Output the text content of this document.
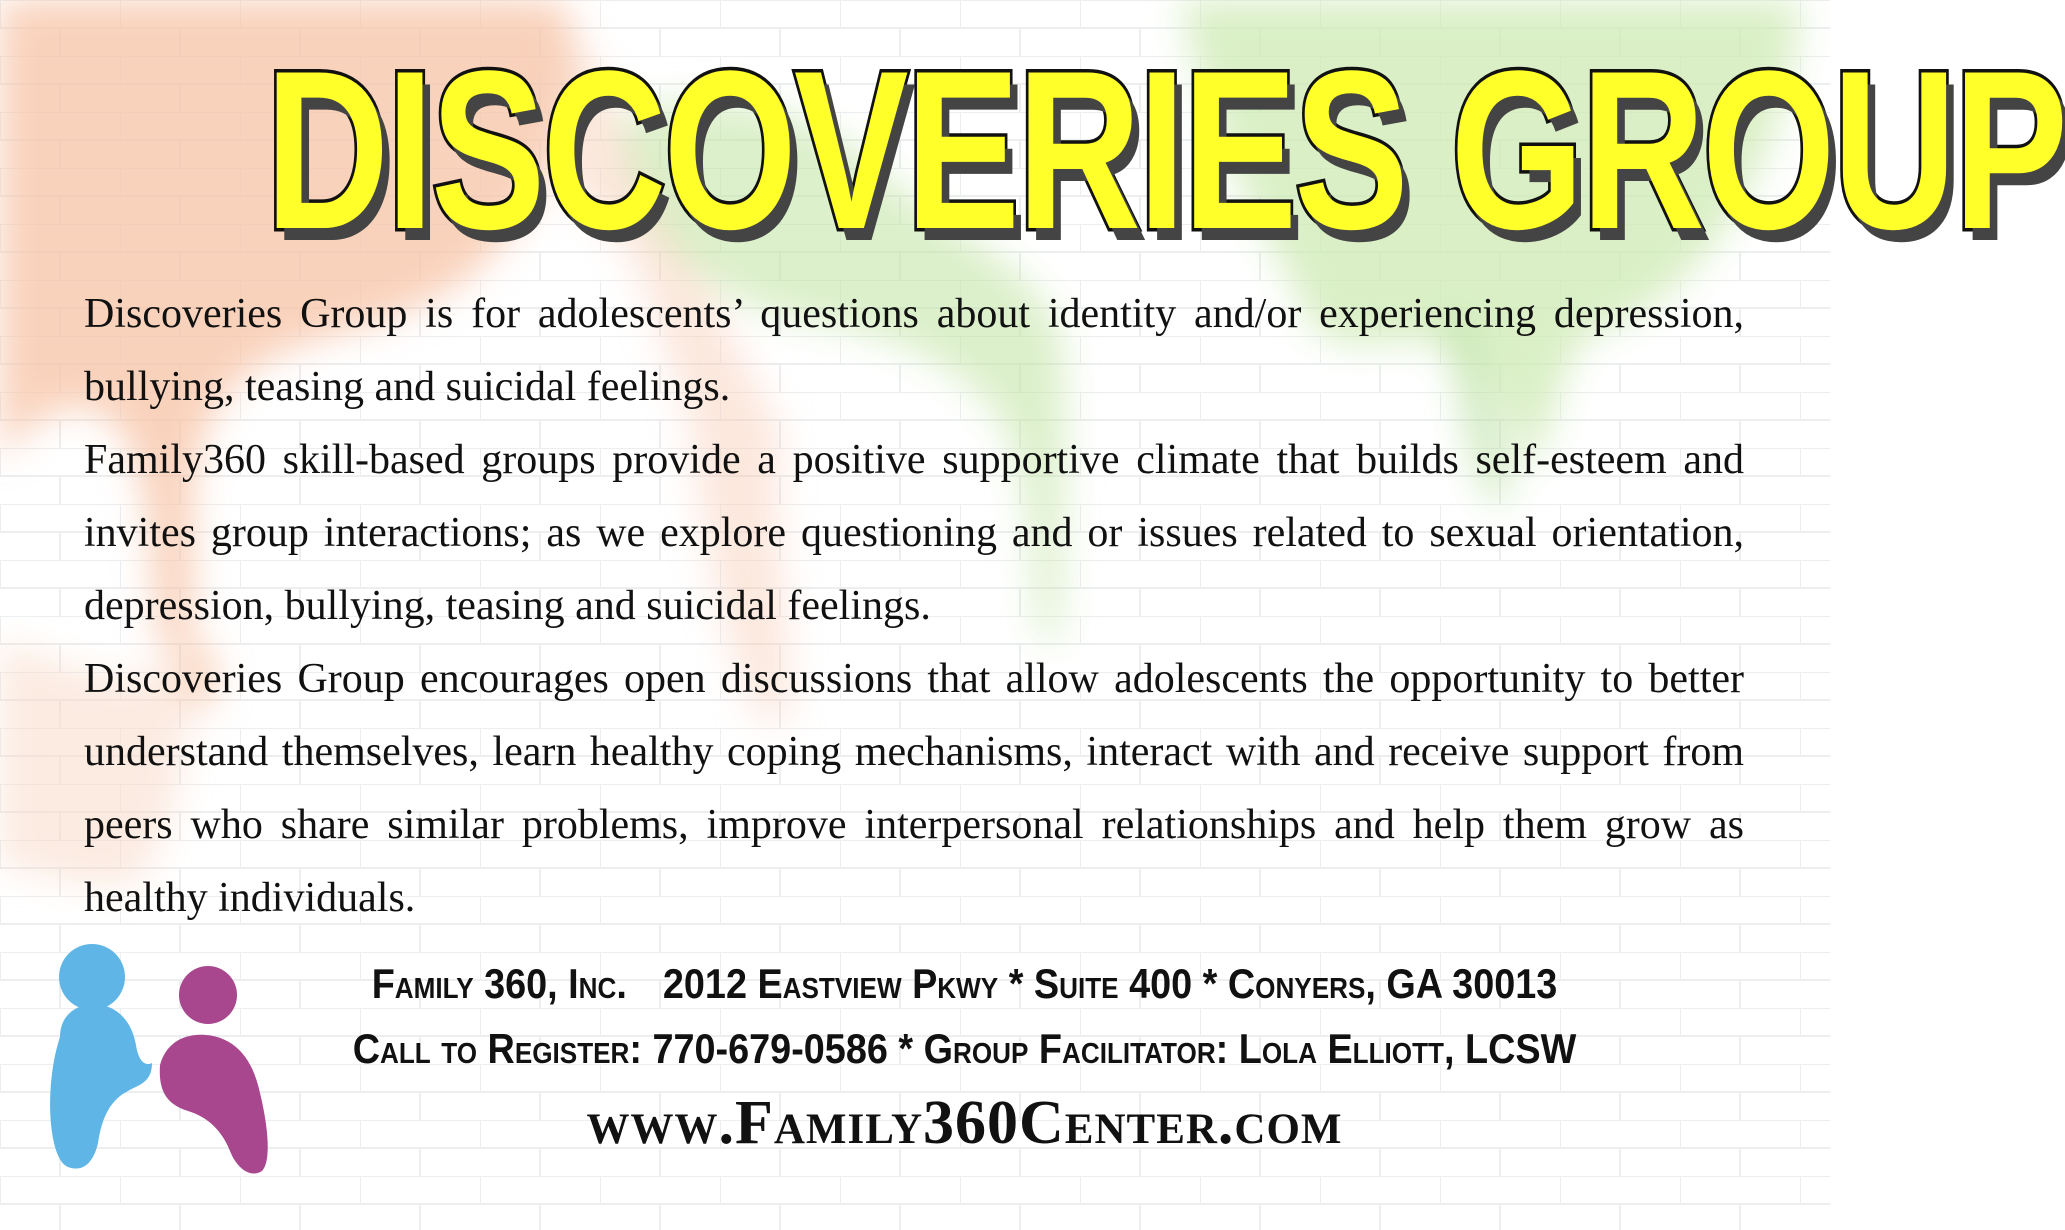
DISCOVERIES GROUP

Discoveries Group is for adolescents’ questions about identity and/or experiencing depression, bullying, teasing and suicidal feelings.

Family360 skill-based groups provide a positive supportive climate that builds self-esteem and invites group interactions; as we explore questioning and or issues related to sexual orientation, depression, bullying, teasing and suicidal feelings.

Discoveries Group encourages open discussions that allow adolescents the opportunity to better understand themselves, learn healthy coping mechanisms, interact with and receive support from peers who share similar problems, improve interpersonal relationships and help them grow as healthy individuals.

Family 360, Inc. 2012 Eastview Pkwy * Suite 400 * Conyers, GA 30013
Call to Register: 770-679-0586 * Group Facilitator: Lola Elliott, LCSW
www.Family360Center.com
